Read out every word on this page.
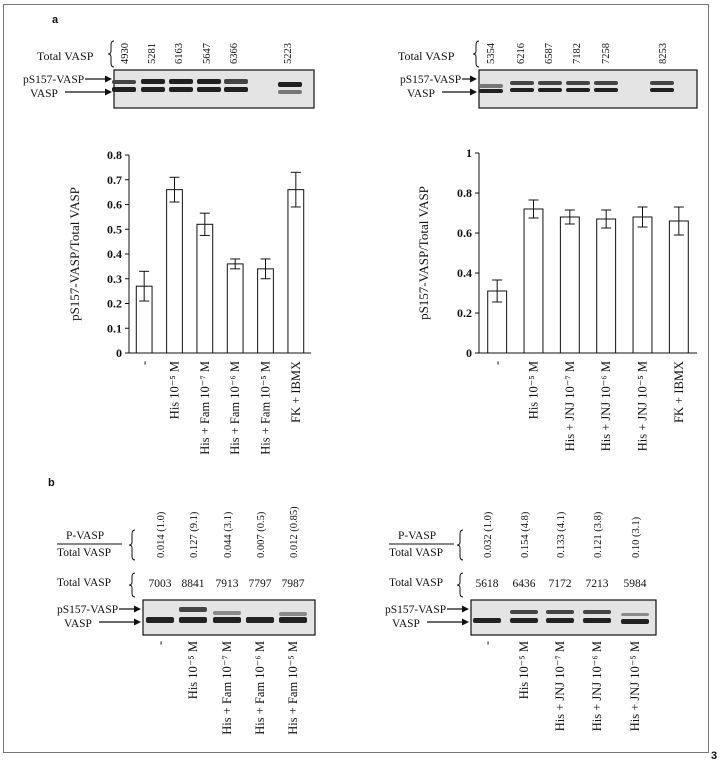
a
b
3
Total VASP	4930 5281 6163 5647 6366	5223
pS157-VASP
VASP
Total VASP	5354 6216 6587 7182 7258	8253
pS157-VASP
VASP
0
0.1
0.2
0.3
0.4
0.5
0.6
0.7
0.8
pS157-VASP/Total VASP
- His 10⁻⁵ M His + Fam 10⁻⁷ M His + Fam 10⁻⁶ M His + Fam 10⁻⁵ M FK + IBMX
0
0.2
0.4
0.6
0.8
1
pS157-VASP/Total VASP
- His 10⁻⁵ M His + JNJ 10⁻⁷ M His + JNJ 10⁻⁶ M His + JNJ 10⁻⁵ M FK + IBMX
P-VASP
Total VASP	0.014 (1.0) 0.127 (9.1) 0.044 (3.1) 0.007 (0.5) 0.012 (0.85)
Total VASP	7003 8841 7913 7797 7987
pS157-VASP
VASP
- His 10⁻⁵ M His + Fam 10⁻⁷ M His + Fam 10⁻⁶ M His + Fam 10⁻⁵ M
P-VASP
Total VASP	0.032 (1.0) 0.154 (4.8) 0.133 (4.1) 0.121 (3.8)	0.10 (3.1)
Total VASP	5618 6436 7172 7213 5984
pS157-VASP
VASP
- His 10⁻⁵ M His + JNJ 10⁻⁷ M His + JNJ 10⁻⁶ M His + JNJ 10⁻⁵ M
